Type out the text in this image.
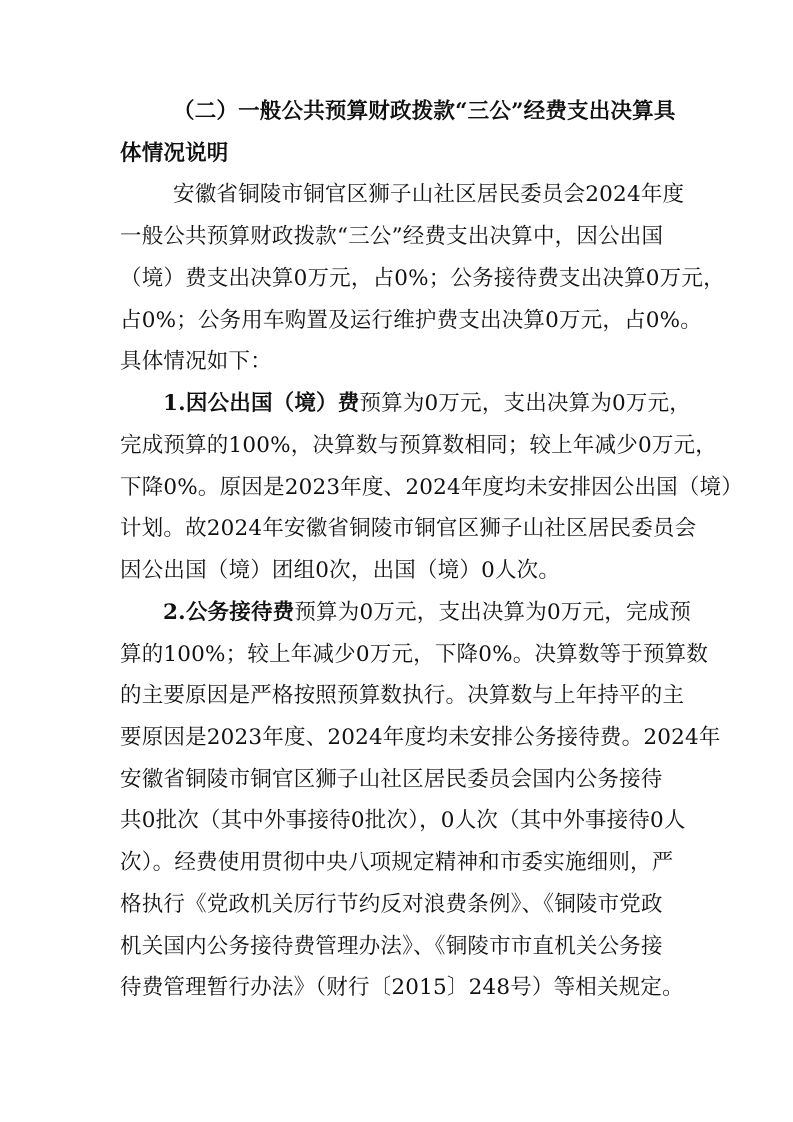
（二）一般公共预算财政拨款“三公”经费支出决算具
体情况说明
安徽省铜陵市铜官区狮子山社区居民委员会2024年度
一般公共预算财政拨款“三公”经费支出决算中，因公出国
（境）费支出决算0万元，占0%；公务接待费支出决算0万元，
占0%；公务用车购置及运行维护费支出决算0万元，占0%。
具体情况如下：
1.因公出国（境）费预算为0万元，支出决算为0万元，
完成预算的100%，决算数与预算数相同；较上年减少0万元，
下降0%。原因是2023年度、2024年度均未安排因公出国（境）
计划。故2024年安徽省铜陵市铜官区狮子山社区居民委员会
因公出国（境）团组0次，出国（境）0人次。
2.公务接待费预算为0万元，支出决算为0万元，完成预
算的100%；较上年减少0万元，下降0%。决算数等于预算数
的主要原因是严格按照预算数执行。决算数与上年持平的主
要原因是2023年度、2024年度均未安排公务接待费。2024年
安徽省铜陵市铜官区狮子山社区居民委员会国内公务接待
共0批次（其中外事接待0批次），0人次（其中外事接待0人
次）。经费使用贯彻中央八项规定精神和市委实施细则，严
格执行《党政机关厉行节约反对浪费条例》、《铜陵市党政
机关国内公务接待费管理办法》、《铜陵市市直机关公务接
待费管理暂行办法》（财行〔2015〕248号）等相关规定。
